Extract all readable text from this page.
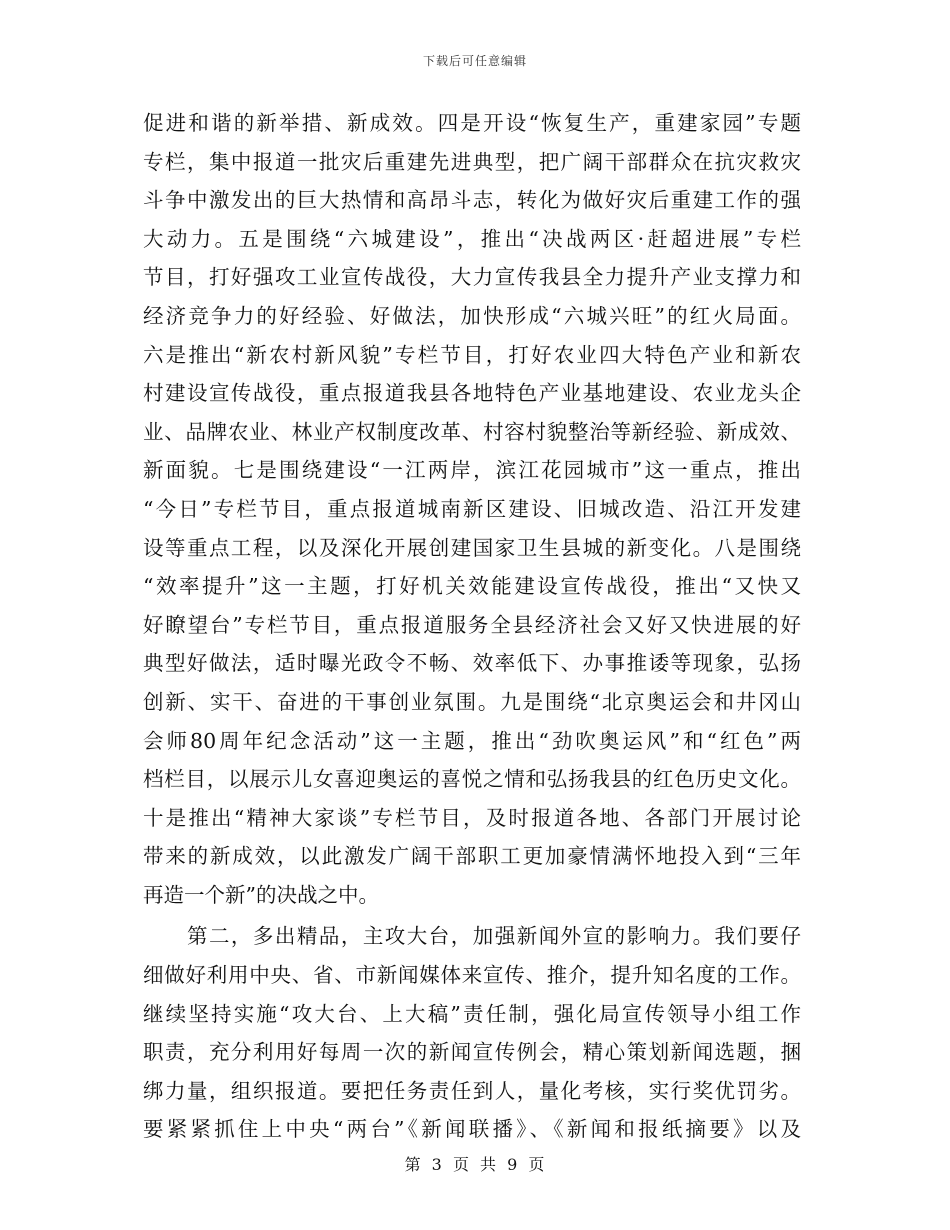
下载后可任意编辑
促进和谐的新举措、新成效。四是开设“恢复生产，重建家园”专题
专栏，集中报道一批灾后重建先进典型，把广阔干部群众在抗灾救灾
斗争中激发出的巨大热情和高昂斗志，转化为做好灾后重建工作的强
大动力。五是围绕“六城建设”，推出“决战两区·赶超进展”专栏
节目，打好强攻工业宣传战役，大力宣传我县全力提升产业支撑力和
经济竞争力的好经验、好做法，加快形成“六城兴旺”的红火局面。
六是推出“新农村新风貌”专栏节目，打好农业四大特色产业和新农
村建设宣传战役，重点报道我县各地特色产业基地建设、农业龙头企
业、品牌农业、林业产权制度改革、村容村貌整治等新经验、新成效、
新面貌。七是围绕建设“一江两岸，滨江花园城市”这一重点，推出
“今日”专栏节目，重点报道城南新区建设、旧城改造、沿江开发建
设等重点工程，以及深化开展创建国家卫生县城的新变化。八是围绕
“效率提升”这一主题，打好机关效能建设宣传战役，推出“又快又
好瞭望台”专栏节目，重点报道服务全县经济社会又好又快进展的好
典型好做法，适时曝光政令不畅、效率低下、办事推诿等现象，弘扬
创新、实干、奋进的干事创业氛围。九是围绕“北京奥运会和井冈山
会师80周年纪念活动”这一主题，推出“劲吹奥运风”和“红色”两
档栏目，以展示儿女喜迎奥运的喜悦之情和弘扬我县的红色历史文化。
十是推出“精神大家谈”专栏节目，及时报道各地、各部门开展讨论
带来的新成效，以此激发广阔干部职工更加豪情满怀地投入到“三年
再造一个新”的决战之中。
　　第二，多出精品，主攻大台，加强新闻外宣的影响力。我们要仔
细做好利用中央、省、市新闻媒体来宣传、推介，提升知名度的工作。
继续坚持实施“攻大台、上大稿”责任制，强化局宣传领导小组工作
职责，充分利用好每周一次的新闻宣传例会，精心策划新闻选题，捆
绑力量，组织报道。要把任务责任到人，量化考核，实行奖优罚劣。
要紧紧抓住上中央“两台”《新闻联播》、《新闻和报纸摘要》以及
第 3 页 共 9 页
